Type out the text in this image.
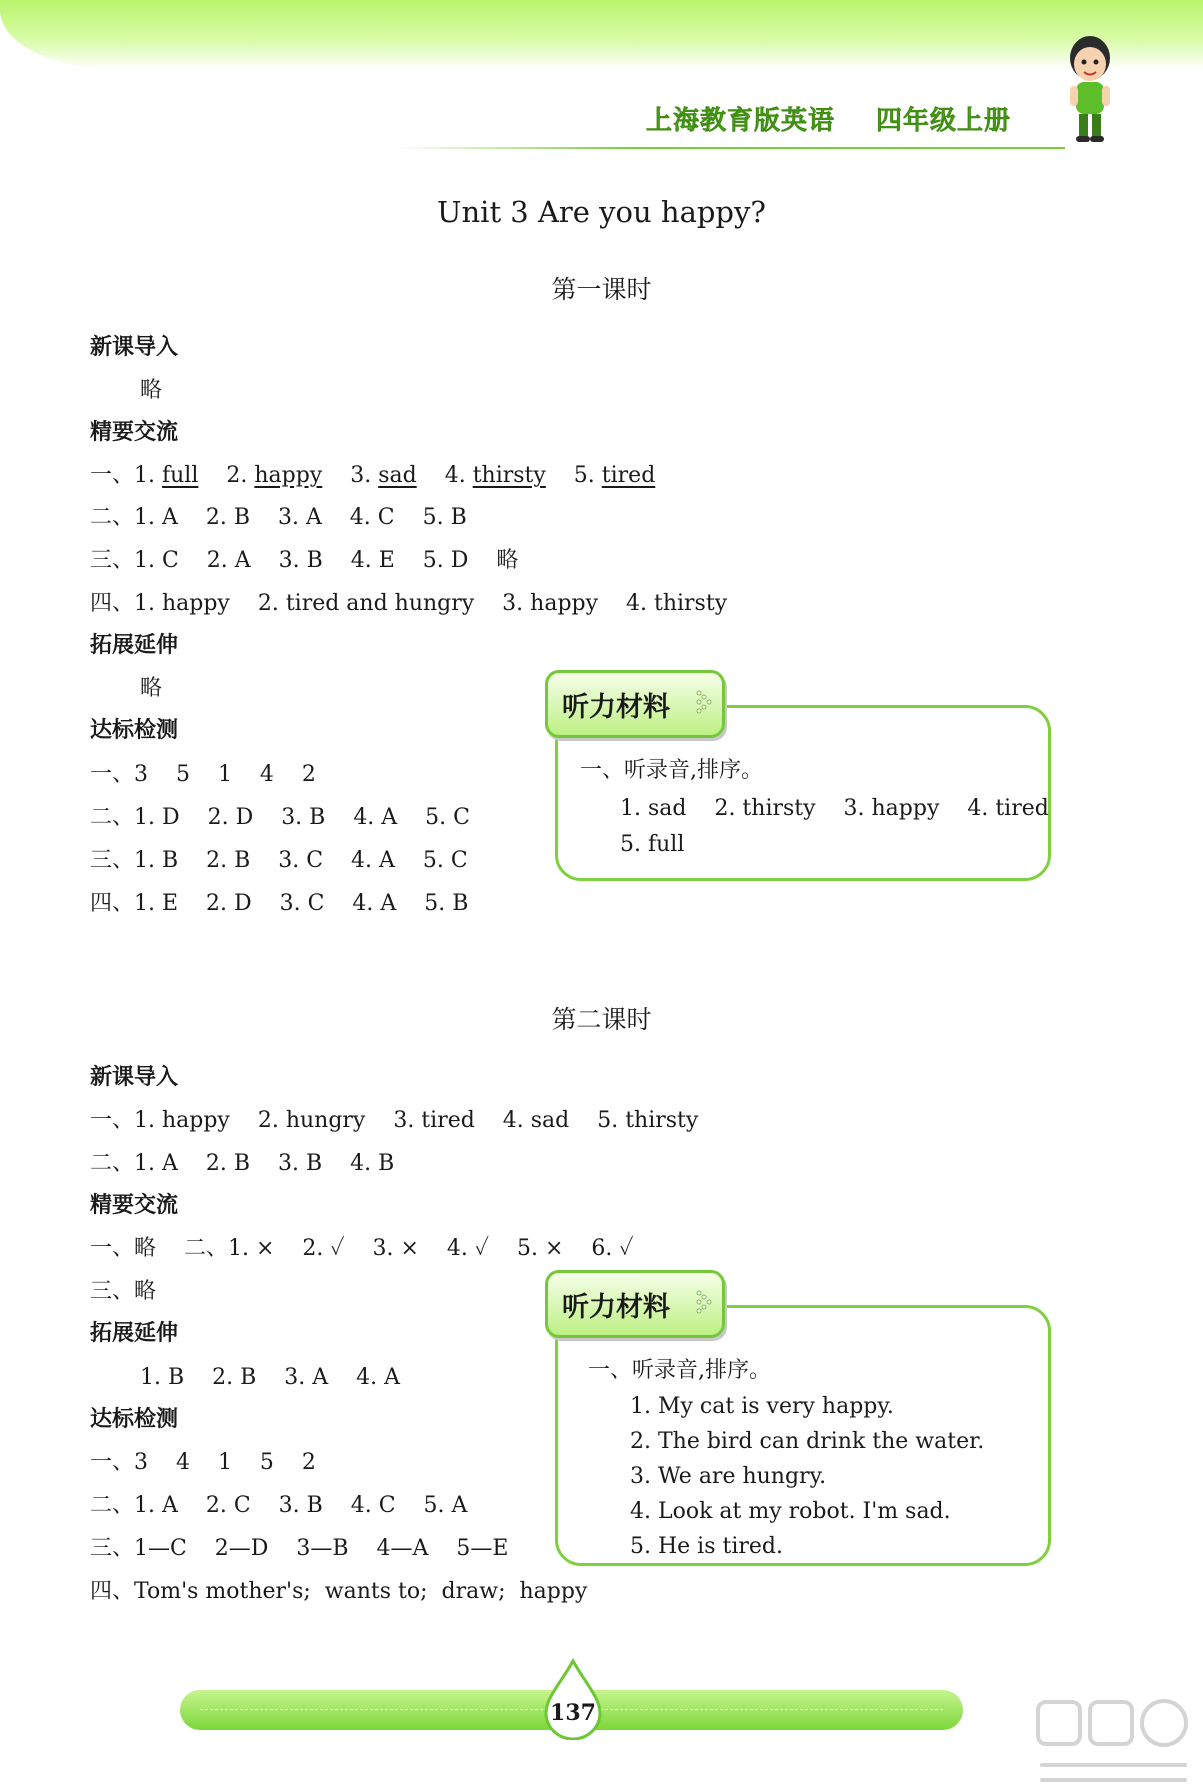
上海教育版英语 四年级上册
Unit 3 Are you happy?
第一课时
新课导入
略
精要交流
一、1. full    2. happy    3. sad    4. thirsty    5. tired
二、1. A    2. B    3. A    4. C    5. B
三、1. C    2. A    3. B    4. E    5. D    略
四、1. happy    2. tired and hungry    3. happy    4. thirsty
拓展延伸
略
达标检测
一、3    5    1    4    2
二、1. D    2. D    3. B    4. A    5. C
三、1. B    2. B    3. C    4. A    5. C
四、1. E    2. D    3. C    4. A    5. B
一、听录音,排序。
1. sad    2. thirsty    3. happy    4. tired
5. full
听力材料
第二课时
新课导入
一、1. happy    2. hungry    3. tired    4. sad    5. thirsty
二、1. A    2. B    3. B    4. B
精要交流
一、略    二、1. ×    2. ✓    3. ×    4. ✓    5. ×    6. ✓
三、略
拓展延伸
1. B    2. B    3. A    4. A
达标检测
一、3    4    1    5    2
二、1. A    2. C    3. B    4. C    5. A
三、1—C    2—D    3—B    4—A    5—E
四、Tom's mother's;  wants to;  draw;  happy
一、听录音,排序。
1. My cat is very happy.
2. The bird can drink the water.
3. We are hungry.
4. Look at my robot. I'm sad.
5. He is tired.
听力材料
137
